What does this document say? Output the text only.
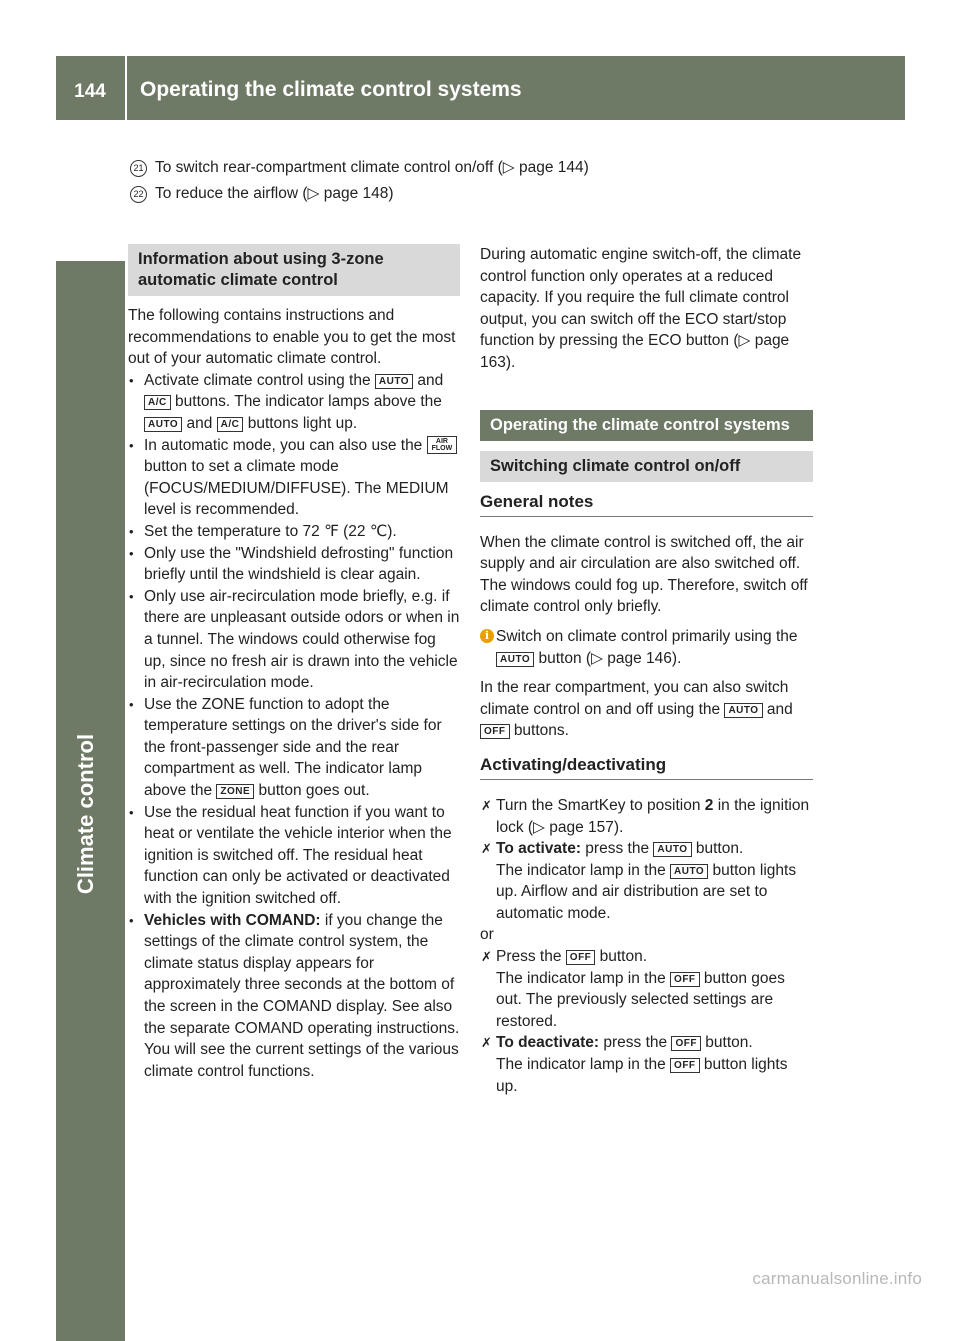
144	Operating the climate control systems
Climate control
21 To switch rear-compartment climate control on/off (▷ page 144)
22 To reduce the airflow (▷ page 148)
Information about using 3-zone automatic climate control

The following contains instructions and recommendations to enable you to get the most out of your automatic climate control.

• Activate climate control using the AUTO and A/C buttons. The indicator lamps above the AUTO and A/C buttons light up.
• In automatic mode, you can also use the AIR
FLOW button to set a climate mode (FOCUS/MEDIUM/DIFFUSE). The MEDIUM level is recommended.
• Set the temperature to 72 ℉ (22 ℃).
• Only use the "Windshield defrosting" function briefly until the windshield is clear again.
• Only use air-recirculation mode briefly, e.g. if there are unpleasant outside odors or when in a tunnel. The windows could otherwise fog up, since no fresh air is drawn into the vehicle in air-recirculation mode.
• Use the ZONE function to adopt the temperature settings on the driver's side for the front-passenger side and the rear compartment as well. The indicator lamp above the ZONE button goes out.
• Use the residual heat function if you want to heat or ventilate the vehicle interior when the ignition is switched off. The residual heat function can only be activated or deactivated with the ignition switched off.
• Vehicles with COMAND: if you change the settings of the climate control system, the climate status display appears for approximately three seconds at the bottom of the screen in the COMAND display. See also the separate COMAND operating instructions. You will see the current settings of the various climate control functions.

During automatic engine switch-off, the climate control function only operates at a reduced capacity. If you require the full climate control output, you can switch off the ECO start/stop function by pressing the ECO button (▷ page 163).

Operating the climate control systems
Switching climate control on/off
General notes

When the climate control is switched off, the air supply and air circulation are also switched off. The windows could fog up. Therefore, switch off climate control only briefly.

i Switch on climate control primarily using the AUTO button (▷ page 146).

In the rear compartment, you can also switch climate control on and off using the AUTO and OFF buttons.

Activating/deactivating
✗ Turn the SmartKey to position 2 in the ignition lock (▷ page 157).
✗ To activate: press the AUTO button.
The indicator lamp in the AUTO button lights up. Airflow and air distribution are set to automatic mode.

or

✗ Press the OFF button.
The indicator lamp in the OFF button goes out. The previously selected settings are restored.
✗ To deactivate: press the OFF button.
The indicator lamp in the OFF button lights up.
carmanualsonline.info
